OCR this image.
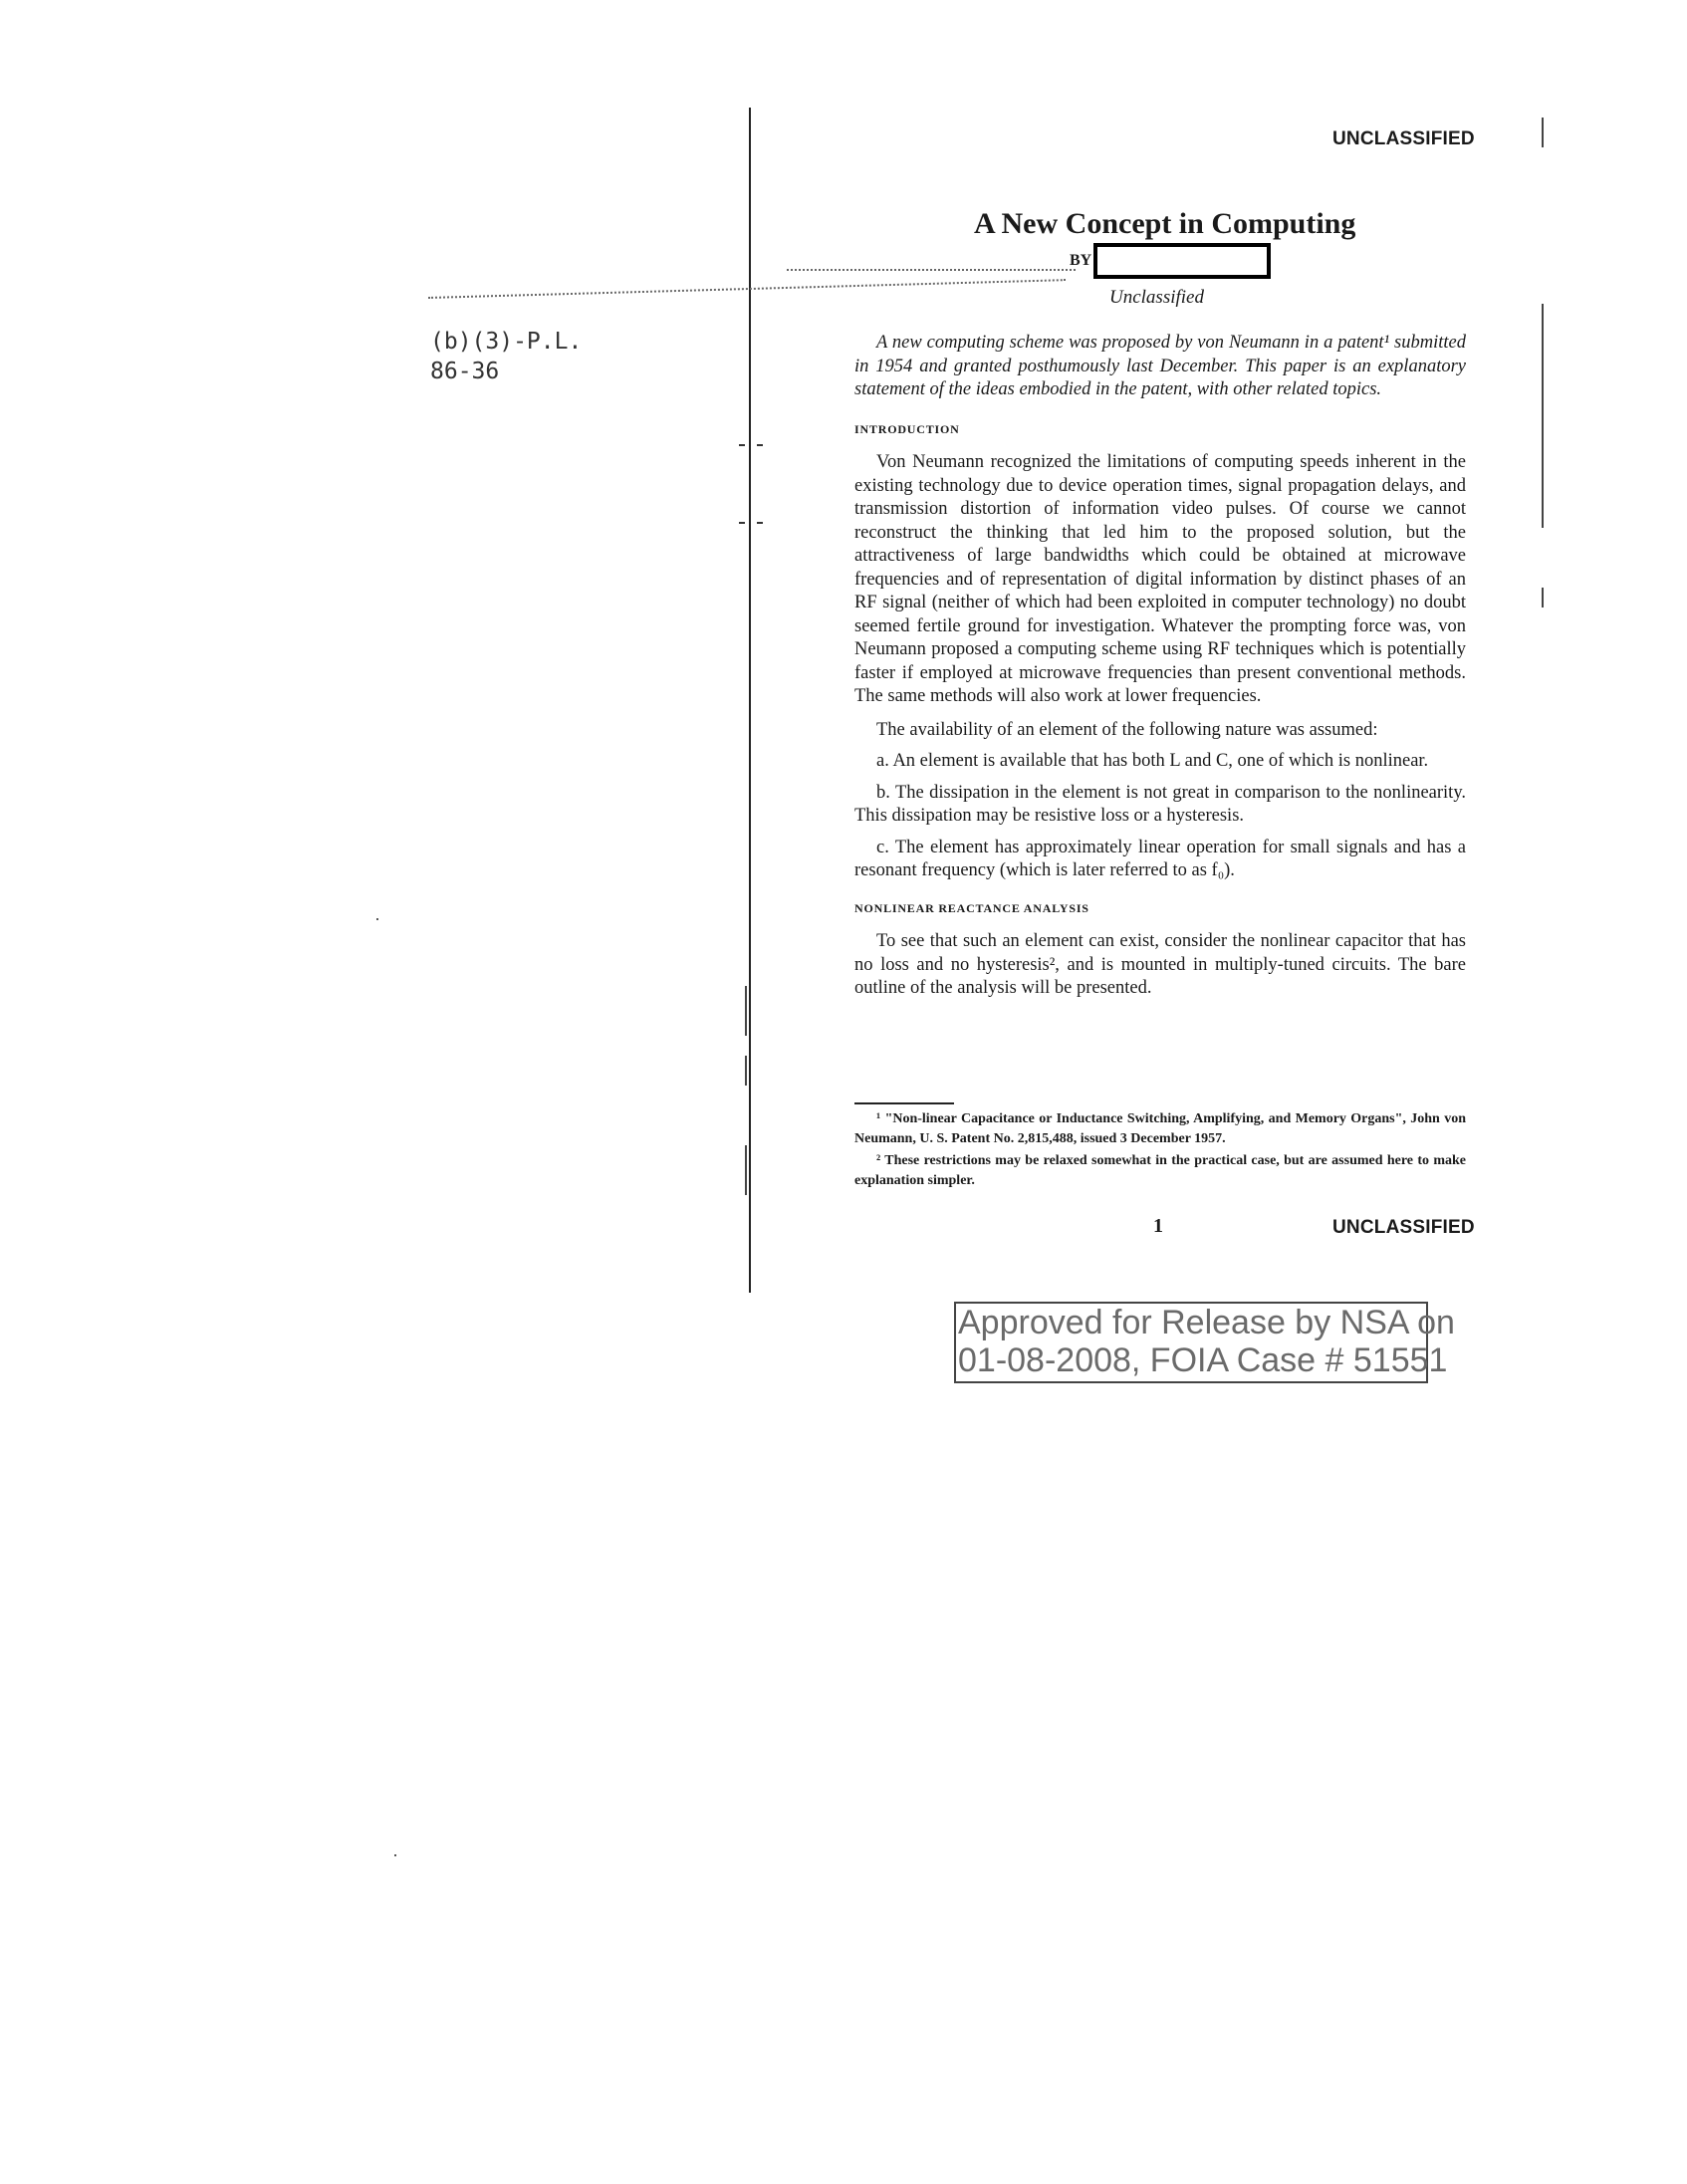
UNCLASSIFIED
(b)(3)-P.L.
86-36
A New Concept in Computing
BY
Unclassified

A new computing scheme was proposed by von Neumann in a patent¹ submitted in 1954 and granted posthumously last December. This paper is an explanatory statement of the ideas embodied in the patent, with other related topics.

INTRODUCTION

Von Neumann recognized the limitations of computing speeds inherent in the existing technology due to device operation times, signal propagation delays, and transmission distortion of information video pulses. Of course we cannot reconstruct the thinking that led him to the proposed solution, but the attractiveness of large bandwidths which could be obtained at microwave frequencies and of representation of digital information by distinct phases of an RF signal (neither of which had been exploited in computer technology) no doubt seemed fertile ground for investigation. Whatever the prompting force was, von Neumann proposed a computing scheme using RF techniques which is potentially faster if employed at microwave frequencies than present conventional methods. The same methods will also work at lower frequencies.

The availability of an element of the following nature was assumed:

a. An element is available that has both L and C, one of which is nonlinear.

b. The dissipation in the element is not great in comparison to the nonlinearity. This dissipation may be resistive loss or a hysteresis.

c. The element has approximately linear operation for small signals and has a resonant frequency (which is later referred to as f₀).

NONLINEAR REACTANCE ANALYSIS

To see that such an element can exist, consider the nonlinear capacitor that has no loss and no hysteresis², and is mounted in multiply-tuned circuits. The bare outline of the analysis will be presented.

¹ "Non-linear Capacitance or Inductance Switching, Amplifying, and Memory Organs", John von Neumann, U. S. Patent No. 2,815,488, issued 3 December 1957.

² These restrictions may be relaxed somewhat in the practical case, but are assumed here to make explanation simpler.

1	UNCLASSIFIED
Approved for Release by NSA on
01-08-2008, FOIA Case # 51551
